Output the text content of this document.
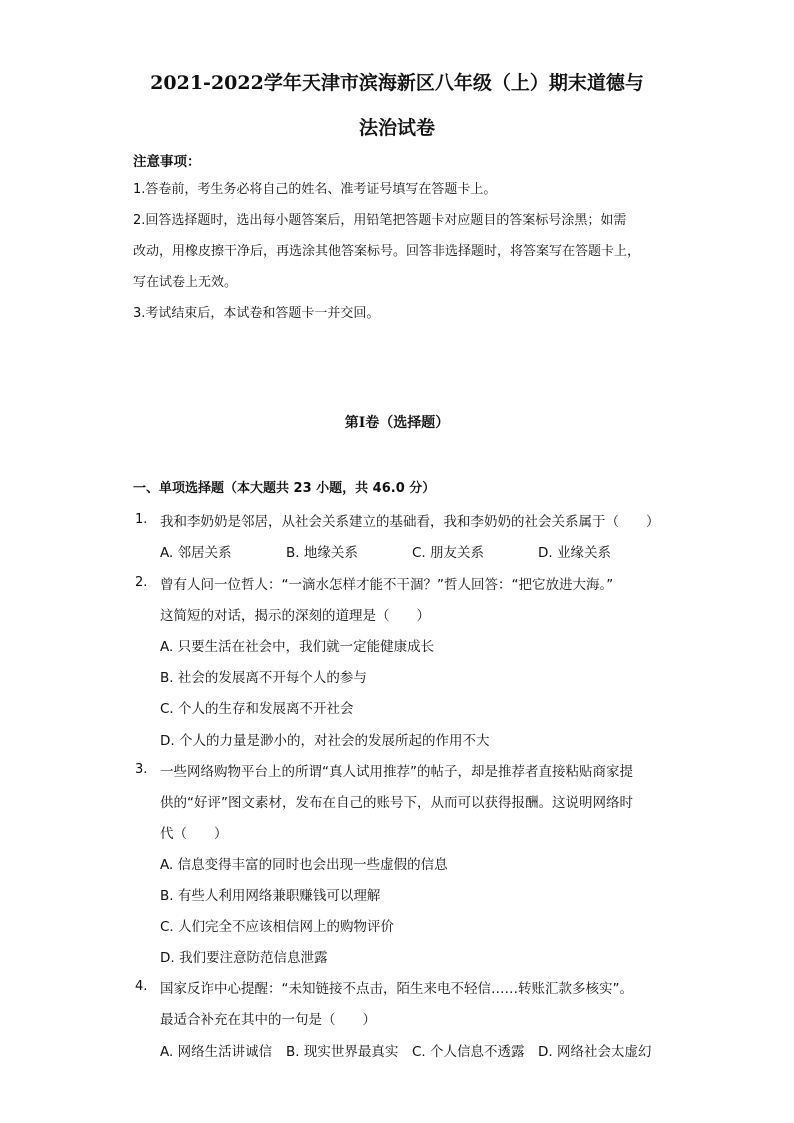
2021-2022学年天津市滨海新区八年级（上）期末道德与
法治试卷
注意事项：
1.答卷前，考生务必将自己的姓名、准考证号填写在答题卡上。
2.回答选择题时，选出每小题答案后，用铅笔把答题卡对应题目的答案标号涂黑；如需
改动，用橡皮擦干净后，再选涂其他答案标号。回答非选择题时，将答案写在答题卡上，
写在试卷上无效。
3.考试结束后，本试卷和答题卡一并交回。
第Ⅰ卷（选择题）
一、单项选择题（本大题共 23 小题，共 46.0 分）
1. 我和李奶奶是邻居，从社会关系建立的基础看，我和李奶奶的社会关系属于（　　）
A. 邻居关系	B. 地缘关系	C. 朋友关系	D. 业缘关系
2. 曾有人问一位哲人：“一滴水怎样才能不干涸？”哲人回答：“把它放进大海。”
这简短的对话，揭示的深刻的道理是（　　）
A. 只要生活在社会中，我们就一定能健康成长
B. 社会的发展离不开每个人的参与
C. 个人的生存和发展离不开社会
D. 个人的力量是渺小的，对社会的发展所起的作用不大
3. 一些网络购物平台上的所谓“真人试用推荐”的帖子，却是推荐者直接粘贴商家提
供的“好评”图文素材，发布在自己的账号下，从而可以获得报酬。这说明网络时
代（　　）
A. 信息变得丰富的同时也会出现一些虚假的信息
B. 有些人利用网络兼职赚钱可以理解
C. 人们完全不应该相信网上的购物评价
D. 我们要注意防范信息泄露
4. 国家反诈中心提醒：“未知链接不点击，陌生来电不轻信……转账汇款多核实”。
最适合补充在其中的一句是（　　）
A. 网络生活讲诚信 B. 现实世界最真实 C. 个人信息不透露 D. 网络社会太虚幻
